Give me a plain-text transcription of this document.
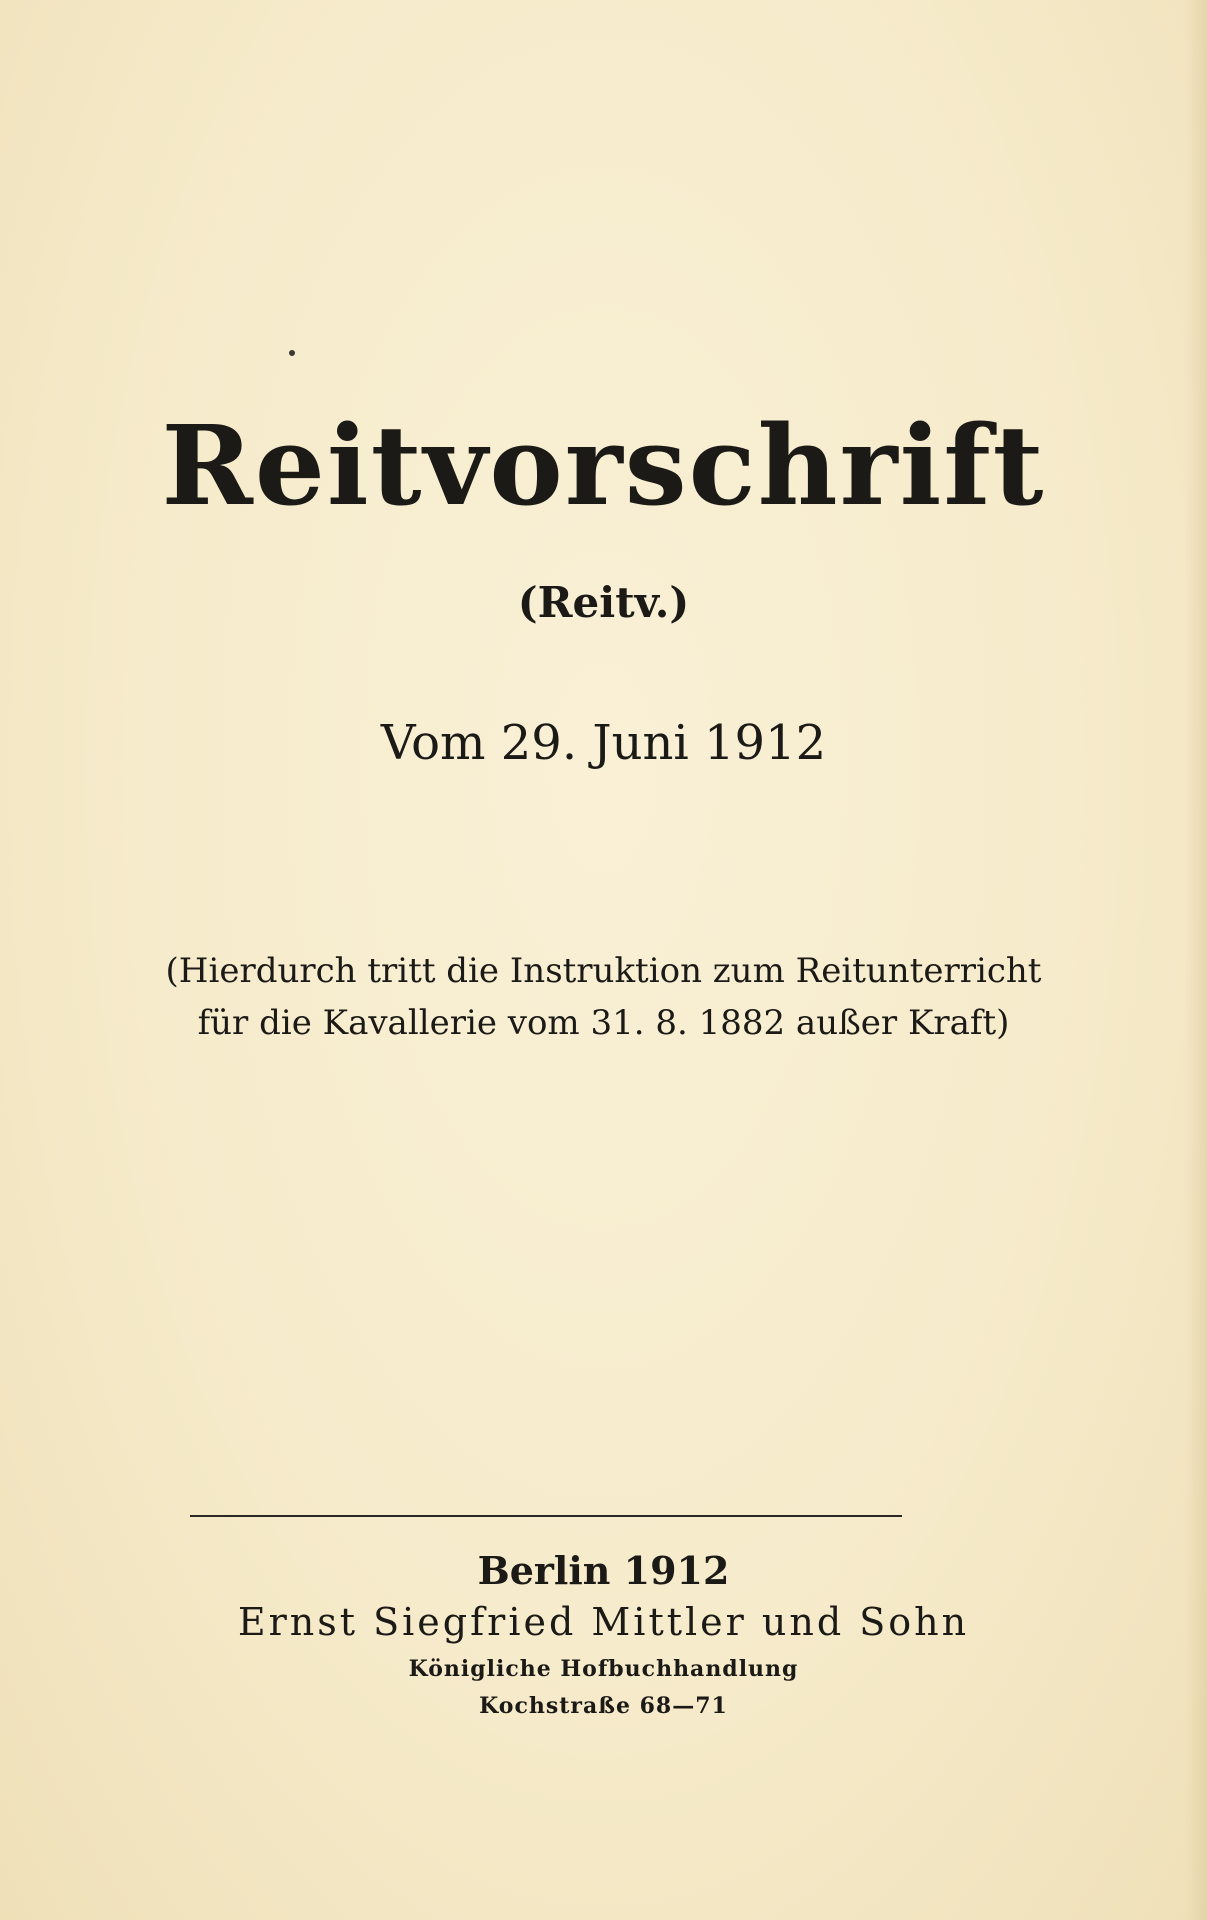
Reitvorschrift
(Reitv.)
Vom 29. Juni 1912
(Hierdurch tritt die Instruktion zum Reitunterricht
für die Kavallerie vom 31. 8. 1882 außer Kraft)
Berlin 1912
Ernst Siegfried Mittler und Sohn
Königliche Hofbuchhandlung
Kochstraße 68—71
